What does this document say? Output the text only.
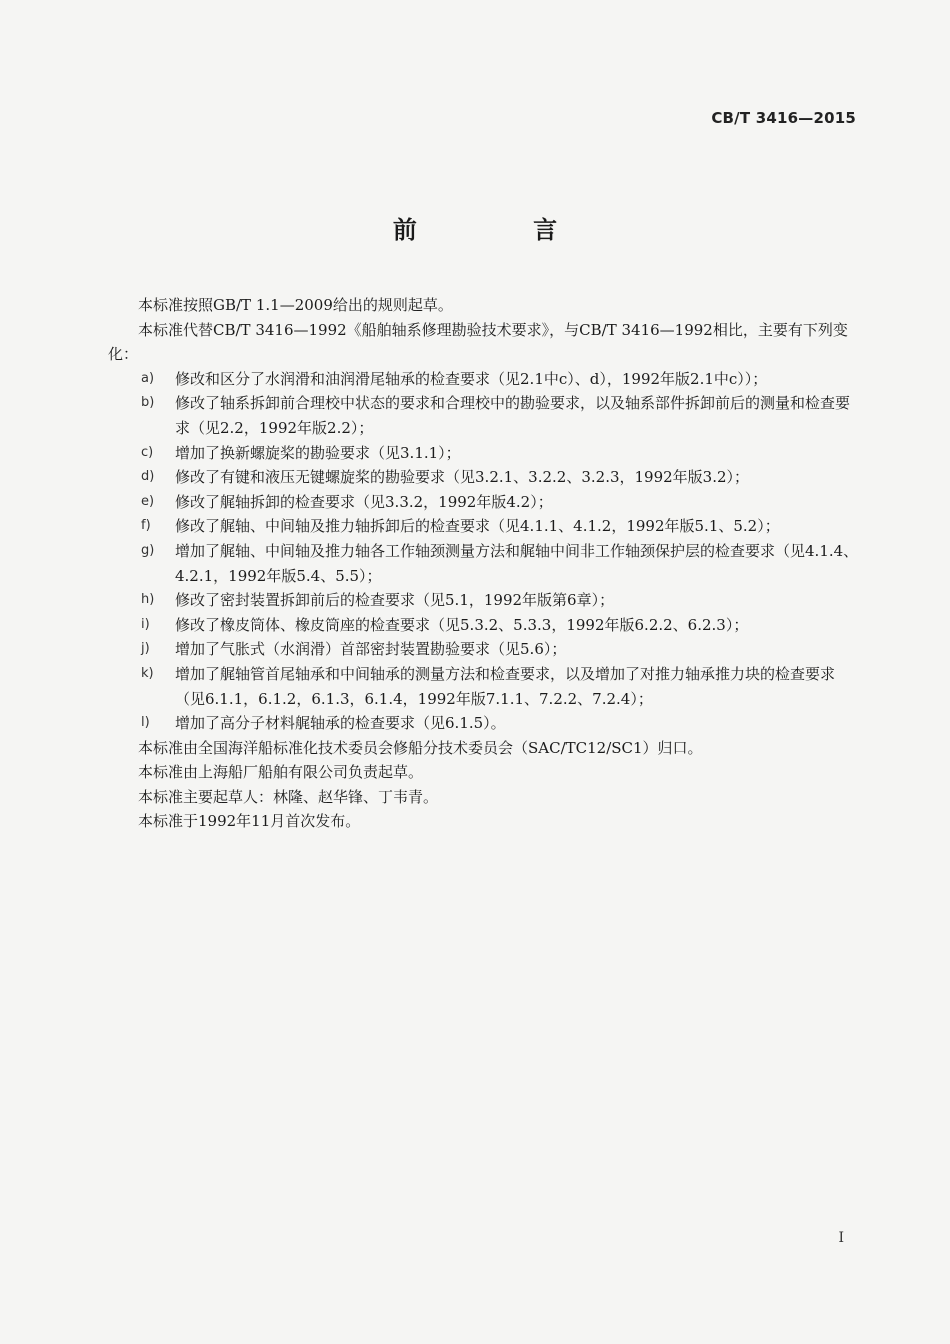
CB/T 3416—2015
前 言

本标准按照GB/T 1.1—2009给出的规则起草。

本标准代替CB/T 3416—1992《船舶轴系修理勘验技术要求》，与CB/T 3416—1992相比，主要有下列变化：

a) 修改和区分了水润滑和油润滑尾轴承的检查要求（见2.1中c）、d），1992年版2.1中c））；
b) 修改了轴系拆卸前合理校中状态的要求和合理校中的勘验要求，以及轴系部件拆卸前后的测量和检查要求（见2.2，1992年版2.2）；
c) 增加了换新螺旋桨的勘验要求（见3.1.1）；
d) 修改了有键和液压无键螺旋桨的勘验要求（见3.2.1、3.2.2、3.2.3，1992年版3.2）；
e) 修改了艉轴拆卸的检查要求（见3.3.2，1992年版4.2）；
f) 修改了艉轴、中间轴及推力轴拆卸后的检查要求（见4.1.1、4.1.2，1992年版5.1、5.2）；
g) 增加了艉轴、中间轴及推力轴各工作轴颈测量方法和艉轴中间非工作轴颈保护层的检查要求（见4.1.4、4.2.1，1992年版5.4、5.5）；
h) 修改了密封装置拆卸前后的检查要求（见5.1，1992年版第6章）；
i) 修改了橡皮筒体、橡皮筒座的检查要求（见5.3.2、5.3.3，1992年版6.2.2、6.2.3）；
j) 增加了气胀式（水润滑）首部密封装置勘验要求（见5.6）；
k) 增加了艉轴管首尾轴承和中间轴承的测量方法和检查要求，以及增加了对推力轴承推力块的检查要求（见6.1.1，6.1.2，6.1.3，6.1.4，1992年版7.1.1、7.2.2、7.2.4）；
l) 增加了高分子材料艉轴承的检查要求（见6.1.5）。

本标准由全国海洋船标准化技术委员会修船分技术委员会（SAC/TC12/SC1）归口。

本标准由上海船厂船舶有限公司负责起草。

本标准主要起草人：林隆、赵华锋、丁韦青。

本标准于1992年11月首次发布。

I
